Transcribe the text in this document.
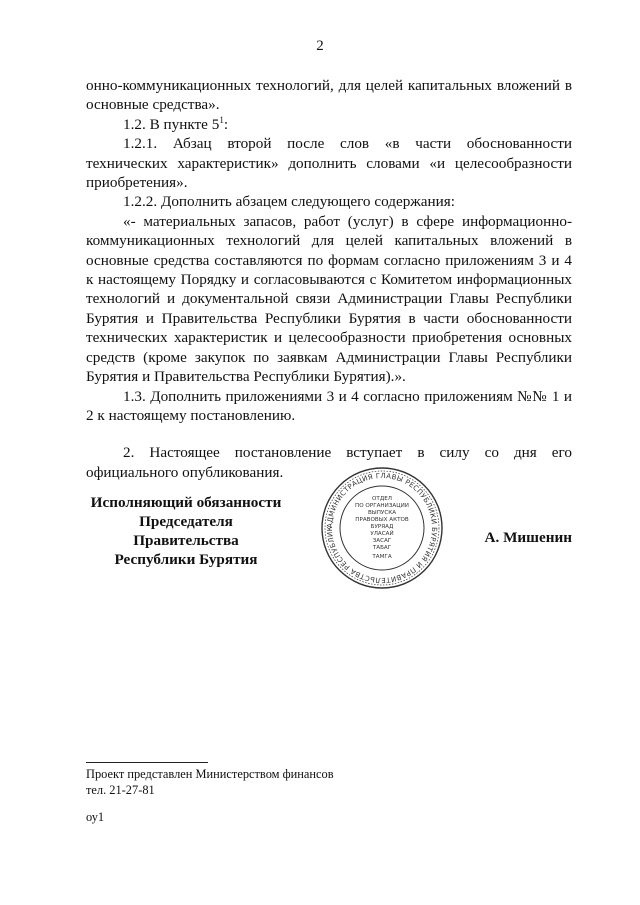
2

онно-коммуникационных технологий, для целей капитальных вложений в основные средства».

1.2. В пункте $5^1$:

1.2.1. Абзац второй после слов «в части обоснованности технических характеристик» дополнить словами «и целесообразности приобретения».

1.2.2. Дополнить абзацем следующего содержания:

«- материальных запасов, работ (услуг) в сфере информационно-коммуникационных технологий для целей капитальных вложений в основные средства составляются по формам согласно приложениям 3 и 4 к настоящему Порядку и согласовываются с Комитетом информационных технологий и документальной связи Администрации Главы Республики Бурятия и Правительства Республики Бурятия в части обоснованности технических характеристик и целесообразности приобретения основных средств (кроме закупок по заявкам Администрации Главы Республики Бурятия и Правительства Республики Бурятия).».

1.3. Дополнить приложениями 3 и 4 согласно приложениям №№ 1 и 2 к настоящему постановлению.

2. Настоящее постановление вступает в силу со дня его официального опубликования.

Исполняющий обязанности
Председателя Правительства
Республики Бурятия
АДМИНИСТРАЦИЯ ГЛАВЫ РЕСПУБЛИКИ БУРЯТИЯ И ПРАВИТЕЛЬСТВА РЕСПУБЛИК
ОТДЕЛ
ПО ОРГАНИЗАЦИИ
ВЫПУСКА
ПРАВОВЫХ АКТОВ
БУРЯАД
УЛАСАЙ
ЗАСАГ
ТАБАГ
ТАМГА
А. Мишенин
Проект представлен Министерством финансов
тел. 21-27-81
оу1
